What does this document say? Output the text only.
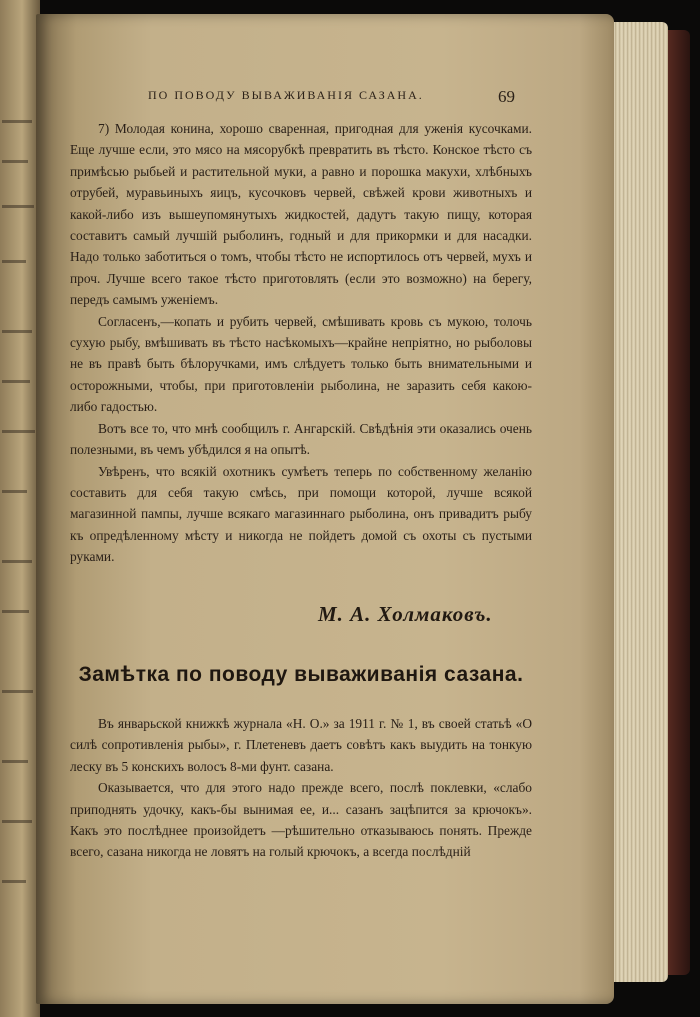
ПО ПОВОДУ ВЫВАЖИВАНІЯ САЗАНА.	69

7) Молодая конина, хорошо сваренная, пригодная для уженія кусочками. Еще лучше если, это мясо на мясорубкѣ превратить въ тѣсто. Конское тѣсто съ примѣсью рыбьей и растительной муки, а равно и порошка макухи, хлѣбныхъ отрубей, муравьиныхъ яицъ, кусочковъ червей, свѣжей крови животныхъ и какой-либо изъ вышеупомянутыхъ жидкостей, дадутъ такую пищу, которая составитъ самый лучшій рыболинъ, годный и для прикормки и для насадки. Надо только заботиться о томъ, чтобы тѣсто не испортилось отъ червей, мухъ и проч. Лучше всего такое тѣсто приготовлять (если это возможно) на берегу, передъ самымъ уженіемъ.

Согласенъ,—копать и рубить червей, смѣшивать кровь съ мукою, толочь сухую рыбу, вмѣшивать въ тѣсто насѣкомыхъ—крайне непріятно, но рыболовы не въ правѣ быть бѣлоручками, имъ слѣдуетъ только быть внимательными и осторожными, чтобы, при приготовленіи рыболина, не заразить себя какою-либо гадостью.

Вотъ все то, что мнѣ сообщилъ г. Ангарскій. Свѣдѣнія эти оказались очень полезными, въ чемъ убѣдился я на опытѣ.

Увѣренъ, что всякій охотникъ сумѣетъ теперь по собственному желанію составить для себя такую смѣсь, при помощи которой, лучше всякой магазинной пампы, лучше всякаго магазиннаго рыболина, онъ привадитъ рыбу къ опредѣленному мѣсту и никогда не пойдетъ домой съ охоты съ пустыми руками.

М. А. Холмаковъ.
Замѣтка по поводу вываживанія сазана.

Въ январьской книжкѣ журнала «Н. О.» за 1911 г. № 1, въ своей статьѣ «О силѣ сопротивленія рыбы», г. Плетеневъ даетъ совѣтъ какъ выудить на тонкую леску въ 5 конскихъ волосъ 8-ми фунт. сазана.

Оказывается, что для этого надо прежде всего, послѣ поклевки, «слабо приподнять удочку, какъ-бы вынимая ее, и... сазанъ зацѣпится за крючокъ». Какъ это послѣднее произойдетъ —рѣшительно отказываюсь понять. Прежде всего, сазана никогда не ловятъ на голый крючокъ, а всегда послѣдній
